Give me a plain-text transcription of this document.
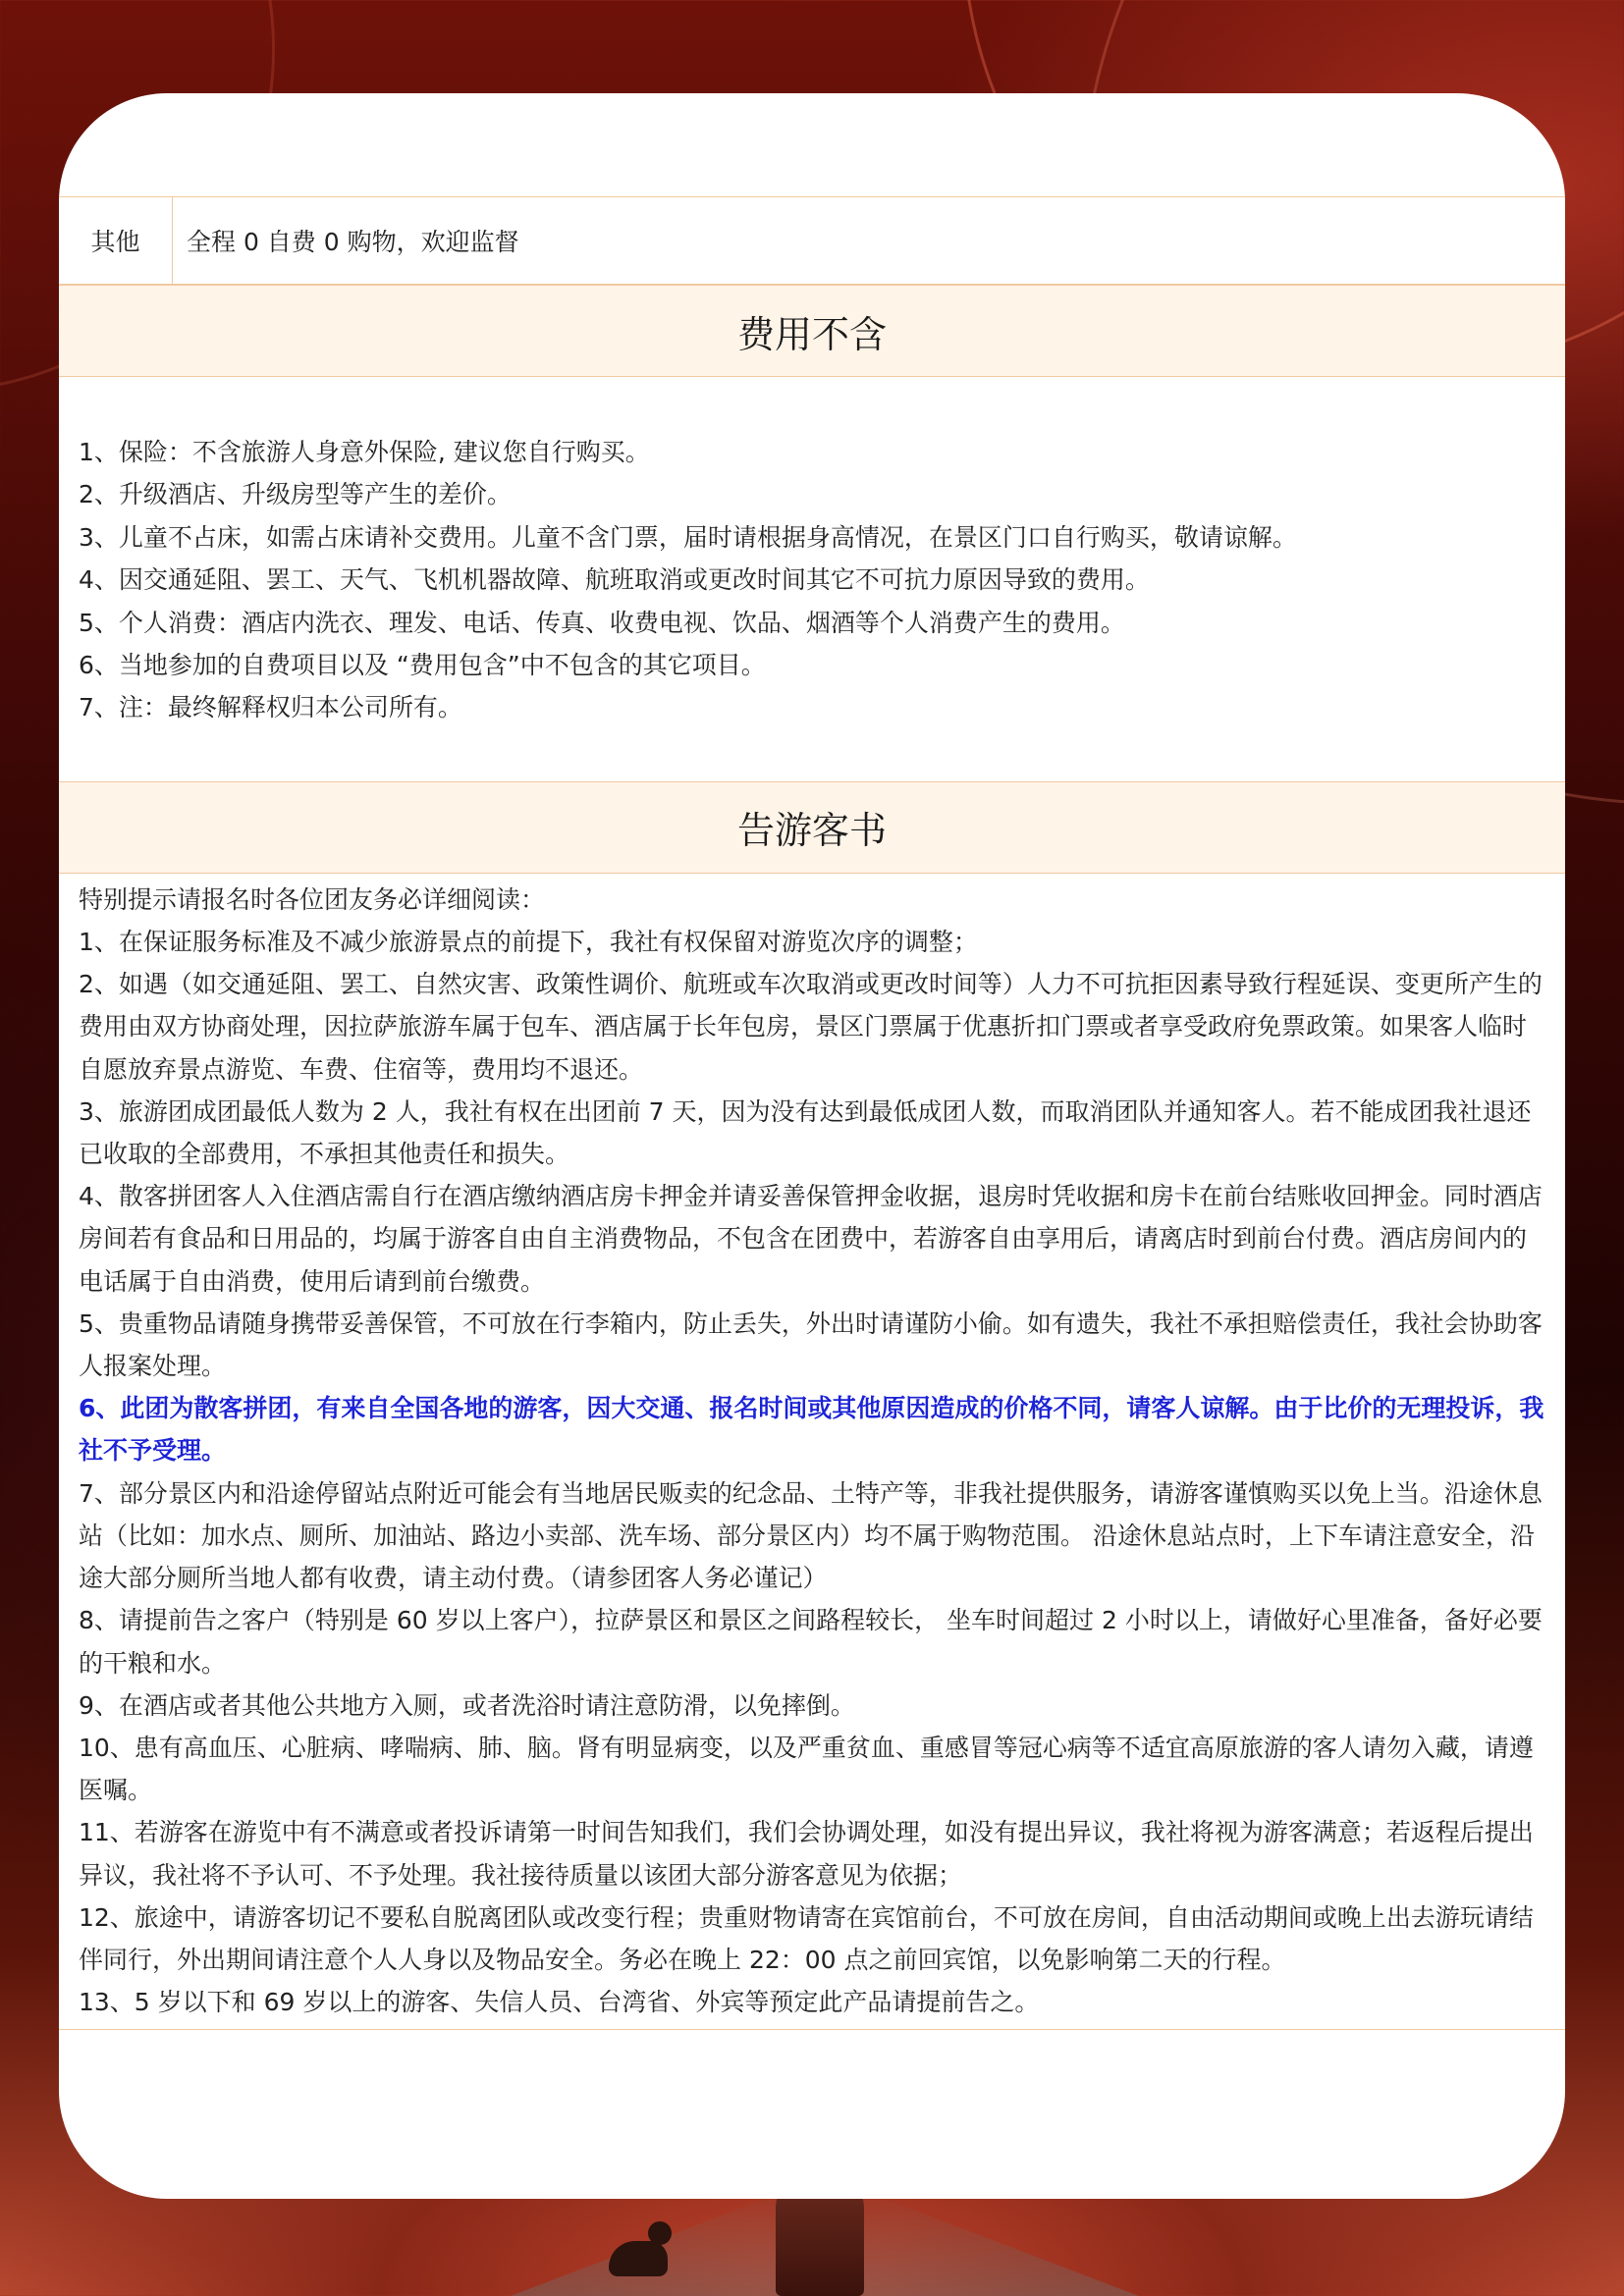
其他	全程 0 自费 0 购物，欢迎监督
费用不含

1、保险：不含旅游人身意外保险, 建议您自行购买。

2、升级酒店、升级房型等产生的差价。

3、儿童不占床，如需占床请补交费用。儿童不含门票，届时请根据身高情况，在景区门口自行购买，敬请谅解。

4、因交通延阻、罢工、天气、飞机机器故障、航班取消或更改时间其它不可抗力原因导致的费用。

5、个人消费：酒店内洗衣、理发、电话、传真、收费电视、饮品、烟酒等个人消费产生的费用。

6、当地参加的自费项目以及 “费用包含”中不包含的其它项目。

7、注：最终解释权归本公司所有。

告游客书

特别提示请报名时各位团友务必详细阅读：

1、在保证服务标准及不减少旅游景点的前提下，我社有权保留对游览次序的调整；

2、如遇（如交通延阻、罢工、自然灾害、政策性调价、航班或车次取消或更改时间等）人力不可抗拒因素导致行程延误、变更所产生的费用由双方协商处理，因拉萨旅游车属于包车、酒店属于长年包房，景区门票属于优惠折扣门票或者享受政府免票政策。如果客人临时自愿放弃景点游览、车费、住宿等，费用均不退还。

3、旅游团成团最低人数为 2 人，我社有权在出团前 7 天，因为没有达到最低成团人数，而取消团队并通知客人。若不能成团我社退还已收取的全部费用，不承担其他责任和损失。

4、散客拼团客人入住酒店需自行在酒店缴纳酒店房卡押金并请妥善保管押金收据，退房时凭收据和房卡在前台结账收回押金。同时酒店房间若有食品和日用品的，均属于游客自由自主消费物品，不包含在团费中，若游客自由享用后，请离店时到前台付费。酒店房间内的电话属于自由消费，使用后请到前台缴费。

5、贵重物品请随身携带妥善保管，不可放在行李箱内，防止丢失，外出时请谨防小偷。如有遗失，我社不承担赔偿责任，我社会协助客人报案处理。

6、此团为散客拼团，有来自全国各地的游客，因大交通、报名时间或其他原因造成的价格不同，请客人谅解。由于比价的无理投诉，我社不予受理。

7、部分景区内和沿途停留站点附近可能会有当地居民贩卖的纪念品、土特产等，非我社提供服务，请游客谨慎购买以免上当。沿途休息站（比如：加水点、厕所、加油站、路边小卖部、洗车场、部分景区内）均不属于购物范围。 沿途休息站点时，上下车请注意安全，沿途大部分厕所当地人都有收费，请主动付费。（请参团客人务必谨记）

8、请提前告之客户（特别是 60 岁以上客户），拉萨景区和景区之间路程较长， 坐车时间超过 2 小时以上，请做好心里准备，备好必要的干粮和水。

9、在酒店或者其他公共地方入厕，或者洗浴时请注意防滑，以免摔倒。

10、患有高血压、心脏病、哮喘病、肺、脑。肾有明显病变，以及严重贫血、重感冒等冠心病等不适宜高原旅游的客人请勿入藏，请遵医嘱。

11、若游客在游览中有不满意或者投诉请第一时间告知我们，我们会协调处理，如没有提出异议，我社将视为游客满意；若返程后提出异议，我社将不予认可、不予处理。我社接待质量以该团大部分游客意见为依据；

12、旅途中，请游客切记不要私自脱离团队或改变行程；贵重财物请寄在宾馆前台，不可放在房间，自由活动期间或晚上出去游玩请结伴同行，外出期间请注意个人人身以及物品安全。务必在晚上 22：00 点之前回宾馆，以免影响第二天的行程。

13、5 岁以下和 69 岁以上的游客、失信人员、台湾省、外宾等预定此产品请提前告之。
